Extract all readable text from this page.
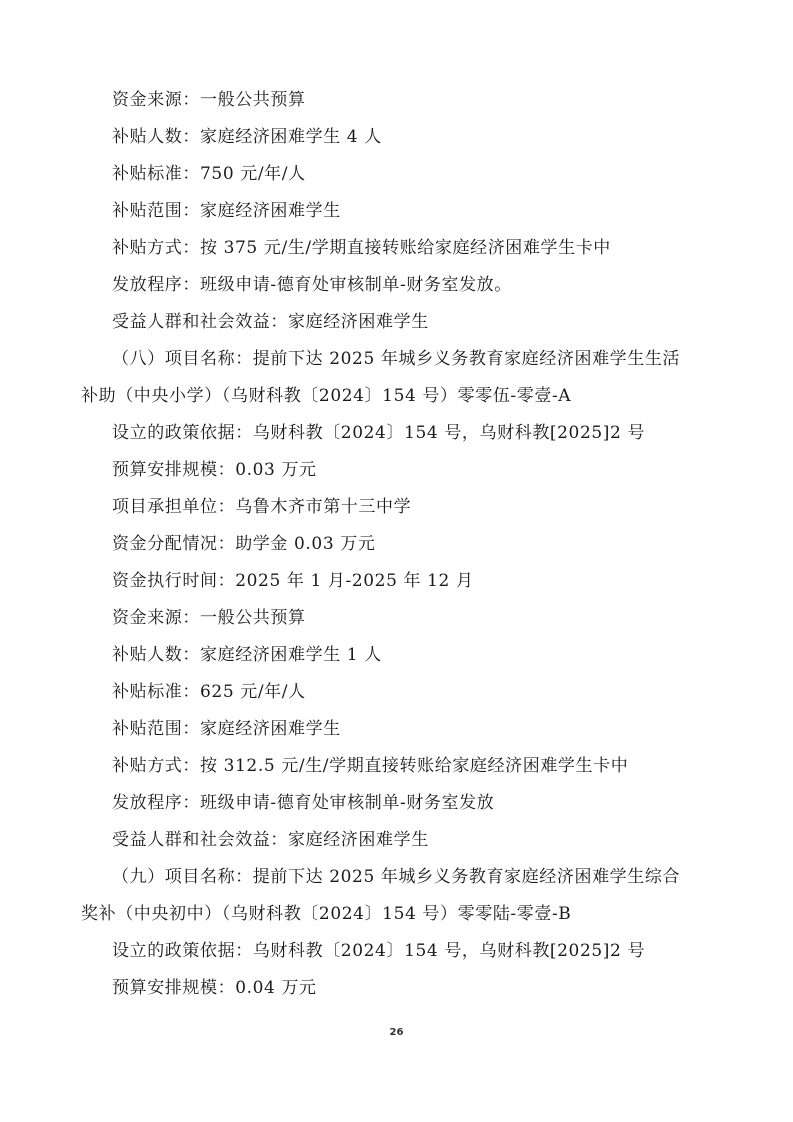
资金来源：一般公共预算
补贴人数：家庭经济困难学生 4 人
补贴标准：750 元/年/人
补贴范围：家庭经济困难学生
补贴方式：按 375 元/生/学期直接转账给家庭经济困难学生卡中
发放程序：班级申请-德育处审核制单-财务室发放。
受益人群和社会效益：家庭经济困难学生
（八）项目名称：提前下达 2025 年城乡义务教育家庭经济困难学生生活
补助（中央小学）（乌财科教〔2024〕154 号）零零伍-零壹-A
设立的政策依据：乌财科教〔2024〕154 号，乌财科教[2025]2 号
预算安排规模：0.03 万元
项目承担单位：乌鲁木齐市第十三中学
资金分配情况：助学金 0.03 万元
资金执行时间：2025 年 1 月-2025 年 12 月
资金来源：一般公共预算
补贴人数：家庭经济困难学生 1 人
补贴标准：625 元/年/人
补贴范围：家庭经济困难学生
补贴方式：按 312.5 元/生/学期直接转账给家庭经济困难学生卡中
发放程序：班级申请-德育处审核制单-财务室发放
受益人群和社会效益：家庭经济困难学生
（九）项目名称：提前下达 2025 年城乡义务教育家庭经济困难学生综合
奖补（中央初中）（乌财科教〔2024〕154 号）零零陆-零壹-B
设立的政策依据：乌财科教〔2024〕154 号，乌财科教[2025]2 号
预算安排规模：0.04 万元
26
